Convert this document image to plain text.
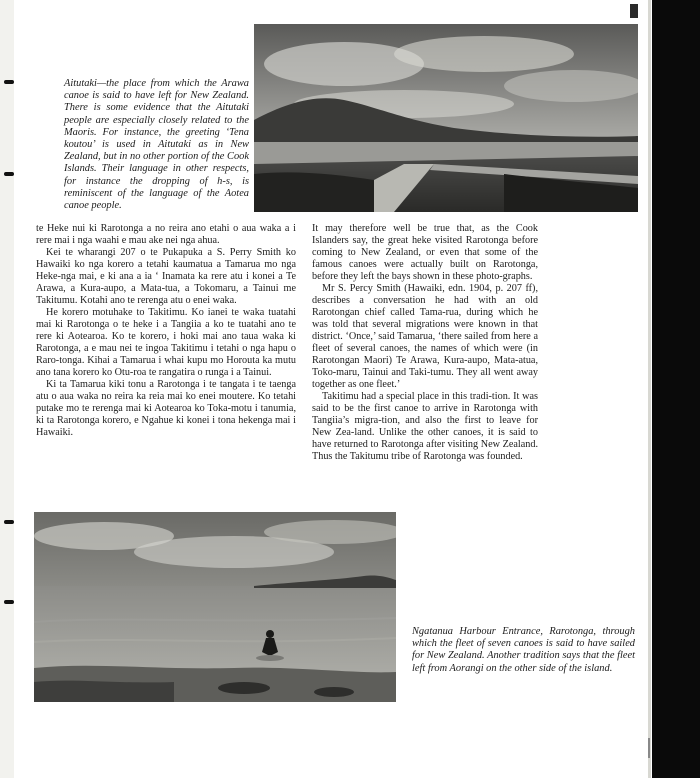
Aitutaki—the place from which the Arawa canoe is said to have left for New Zealand. There is some evidence that the Aitutaki people are especially closely related to the Maoris. For instance, the greeting ‘Tena koutou’ is used in Aitutaki as in New Zealand, but in no other portion of the Cook Islands. Their language in other respects, for instance the dropping of h-s, is reminiscent of the language of the Aotea canoe people.

te Heke nui ki Rarotonga a no reira ano etahi o aua waka a i rere mai i nga waahi e mau ake nei nga ahua.

Kei te wharangi 207 o te Pukapuka a S. Perry Smith ko Hawaiki ko nga korero a tetahi kaumatua a Tamarua mo nga Heke-nga mai, e ki ana a ia ‘ Inamata ka rere atu i konei a Te Arawa, a Kura-aupo, a Mata-tua, a Tokomaru, a Tainui me Takitumu. Kotahi ano te rerenga atu o enei waka.

He korero motuhake to Takitimu. Ko ianei te waka tuatahi mai ki Rarotonga o te heke i a Tangiia a ko te tuatahi ano te rere ki Aotearoa. Ko te korero, i hoki mai ano taua waka ki Rarotonga, a e mau nei te ingoa Takitimu i tetahi o nga hapu o Raro-tonga. Kihai a Tamarua i whai kupu mo Horouta ka mutu ano tana korero ko Otu-roa te rangatira o runga i a Tainui.

Ki ta Tamarua kiki tonu a Rarotonga i te tangata i te taenga atu o aua waka no reira ka reia mai ko enei moutere. Ko tetahi putake mo te rerenga mai ki Aotearoa ko Toka-motu i tanumia, ki ta Rarotonga korero, e Ngahue ki konei i tona hekenga mai i Hawaiki.

It may therefore well be true that, as the Cook Islanders say, the great heke visited Rarotonga before coming to New Zealand, or even that some of the famous canoes were actually built on Rarotonga, before they left the bays shown in these photo-graphs.

Mr S. Percy Smith (Hawaiki, edn. 1904, p. 207 ff), describes a conversation he had with an old Rarotongan chief called Tama-rua, during which he was told that several migrations were known in that district. ‘Once,’ said Tamarua, ‘there sailed from here a fleet of several canoes, the names of which were (in Rarotongan Maori) Te Arawa, Kura-aupo, Mata-atua, Toko-maru, Tainui and Taki-tumu. They all went away together as one fleet.’

Takitimu had a special place in this tradi-tion. It was said to be the first canoe to arrive in Rarotonga with Tangiia’s migra-tion, and also the first to leave for New Zea-land. Unlike the other canoes, it is said to have returned to Rarotonga after visiting New Zealand. Thus the Takitumu tribe of Rarotonga was founded.

Ngatanua Harbour Entrance, Rarotonga, through which the fleet of seven canoes is said to have sailed for New Zealand. Another tradition says that the fleet left from Aorangi on the other side of the island.
